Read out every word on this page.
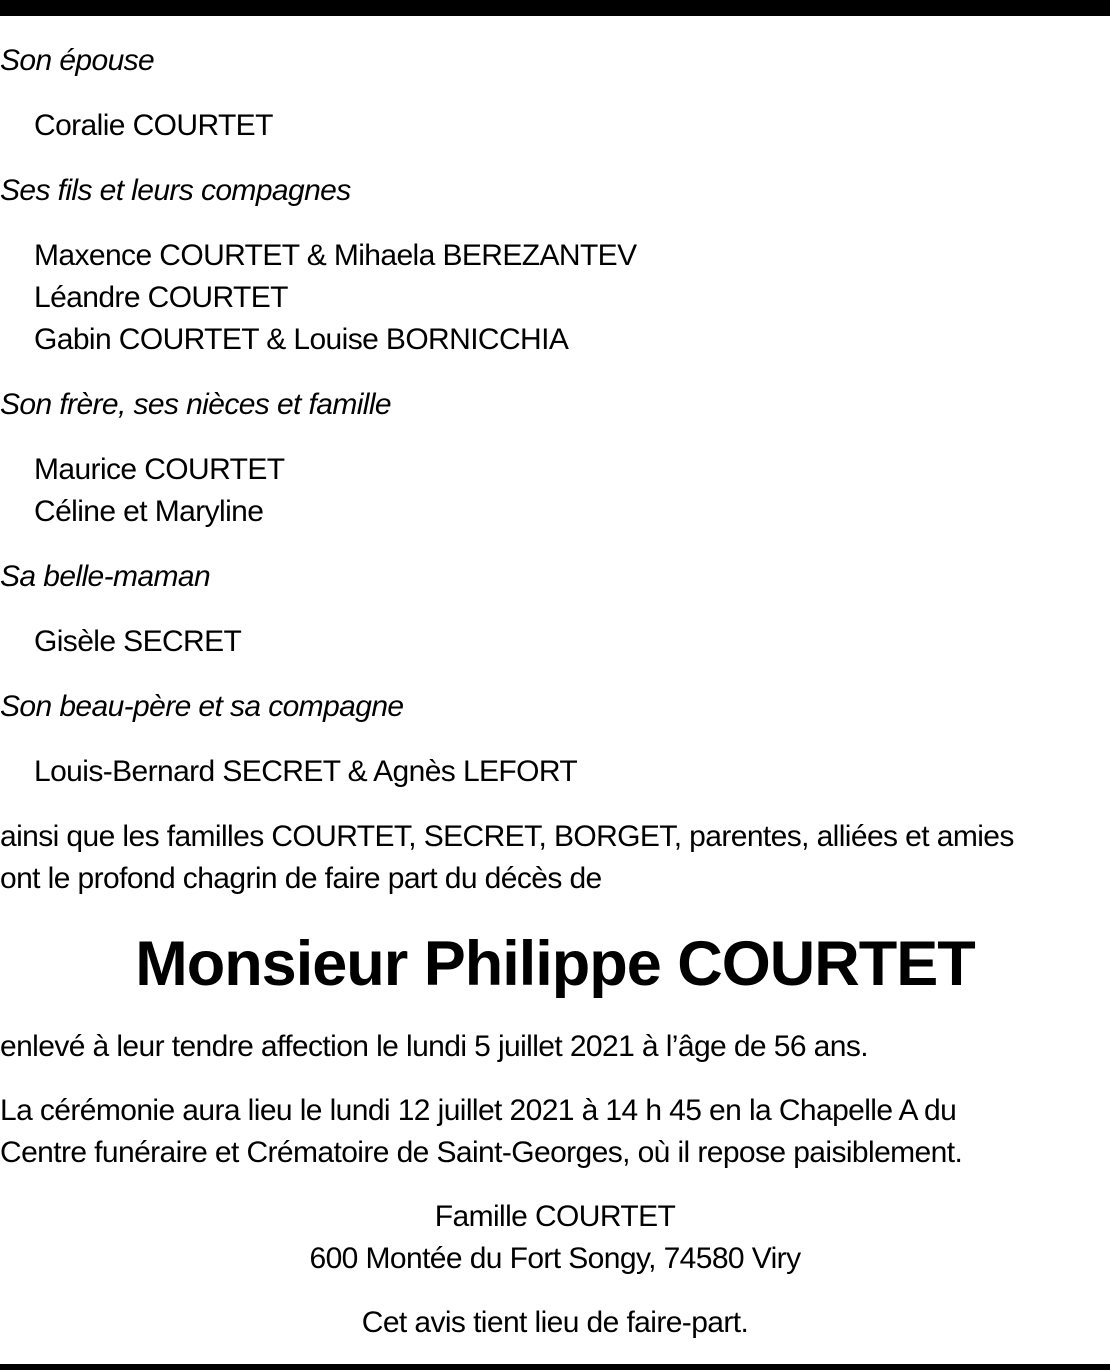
Son épouse

Coralie COURTET

Ses fils et leurs compagnes

Maxence COURTET & Mihaela BEREZANTEV
Léandre COURTET
Gabin COURTET & Louise BORNICCHIA

Son frère, ses nièces et famille

Maurice COURTET
Céline et Maryline

Sa belle-maman

Gisèle SECRET

Son beau-père et sa compagne

Louis-Bernard SECRET & Agnès LEFORT
ainsi que les familles COURTET, SECRET, BORGET, parentes, alliées et amies
ont le profond chagrin de faire part du décès de
Monsieur Philippe COURTET
enlevé à leur tendre affection le lundi 5 juillet 2021 à l’âge de 56 ans.
La cérémonie aura lieu le lundi 12 juillet 2021 à 14 h 45 en la Chapelle A du
Centre funéraire et Crématoire de Saint-Georges, où il repose paisiblement.
Famille COURTET
600 Montée du Fort Songy, 74580 Viry
Cet avis tient lieu de faire-part.
